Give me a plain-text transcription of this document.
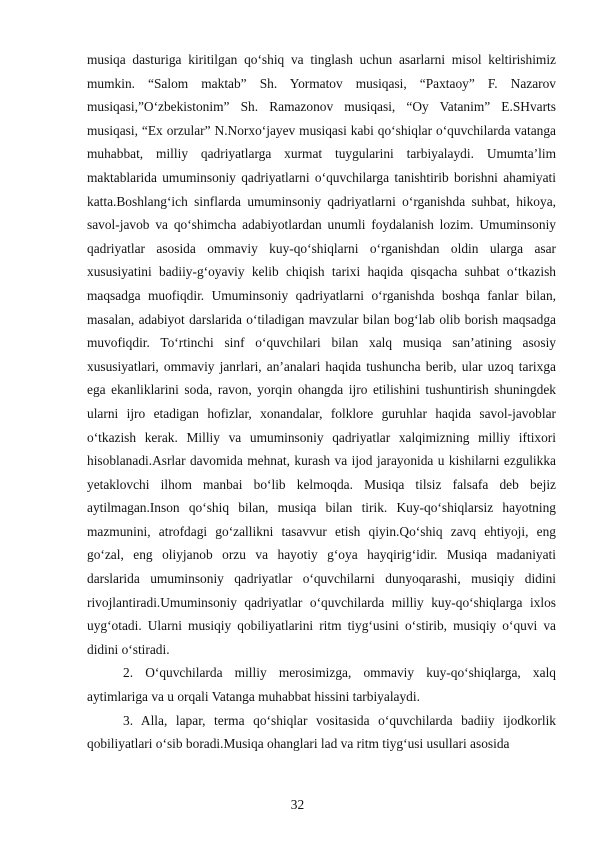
musiqa dasturiga kiritilgan qo‘shiq va tinglash uchun asarlarni misol keltirishimiz mumkin. “Salom maktab” Sh. Yormatov musiqasi, “Paxtaoy” F. Nazarov musiqasi,”O‘zbekistonim” Sh. Ramazonov musiqasi, “Oy Vatanim” E.SHvarts musiqasi, “Ex orzular” N.Norxo‘jayev musiqasi kabi qo‘shiqlar o‘quvchilarda vatanga muhabbat, milliy qadriyatlarga xurmat tuygularini tarbiyalaydi. Umumta’lim maktablarida umuminsoniy qadriyatlarni o‘quvchilarga tanishtirib borishni ahamiyati katta.Boshlang‘ich sinflarda umuminsoniy qadriyatlarni o‘rganishda suhbat, hikoya, savol-javob va qo‘shimcha adabiyotlardan unumli foydalanish lozim. Umuminsoniy qadriyatlar asosida ommaviy kuy-qo‘shiqlarni o‘rganishdan oldin ularga asar xususiyatini badiiy-g‘oyaviy kelib chiqish tarixi haqida qisqacha suhbat o‘tkazish maqsadga muofiqdir. Umuminsoniy qadriyatlarni o‘rganishda boshqa fanlar bilan, masalan, adabiyot darslarida o‘tiladigan mavzular bilan bog‘lab olib borish maqsadga muvofiqdir. To‘rtinchi sinf o‘quvchilari bilan xalq musiqa san’atining asosiy xususiyatlari, ommaviy janrlari, an’analari haqida tushuncha berib, ular uzoq tarixga ega ekanliklarini soda, ravon, yorqin ohangda ijro etilishini tushuntirish shuningdek ularni ijro etadigan hofizlar, xonandalar, folklore guruhlar haqida savol-javoblar o‘tkazish kerak. Milliy va umuminsoniy qadriyatlar xalqimizning milliy iftixori hisoblanadi.Asrlar davomida mehnat, kurash va ijod jarayonida u kishilarni ezgulikka yetaklovchi ilhom manbai bo‘lib kelmoqda. Musiqa tilsiz falsafa deb bejiz aytilmagan.Inson qo‘shiq bilan, musiqa bilan tirik. Kuy-qo‘shiqlarsiz hayotning mazmunini, atrofdagi go‘zallikni tasavvur etish qiyin.Qo‘shiq zavq ehtiyoji, eng go‘zal, eng oliyjanob orzu va hayotiy g‘oya hayqirig‘idir. Musiqa madaniyati darslarida umuminsoniy qadriyatlar o‘quvchilarni dunyoqarashi, musiqiy didini rivojlantiradi.Umuminsoniy qadriyatlar o‘quvchilarda milliy kuy-qo‘shiqlarga ixlos uyg‘otadi. Ularni musiqiy qobiliyatlarini ritm tiyg‘usini o‘stirib, musiqiy o‘quvi va didini o‘stiradi.

2. O‘quvchilarda milliy merosimizga, ommaviy kuy-qo‘shiqlarga, xalq aytimlariga va u orqali Vatanga muhabbat hissini tarbiyalaydi.

3. Alla, lapar, terma qo‘shiqlar vositasida o‘quvchilarda badiiy ijodkorlik qobiliyatlari o‘sib boradi.Musiqa ohanglari lad va ritm tiyg‘usi usullari asosida

32
